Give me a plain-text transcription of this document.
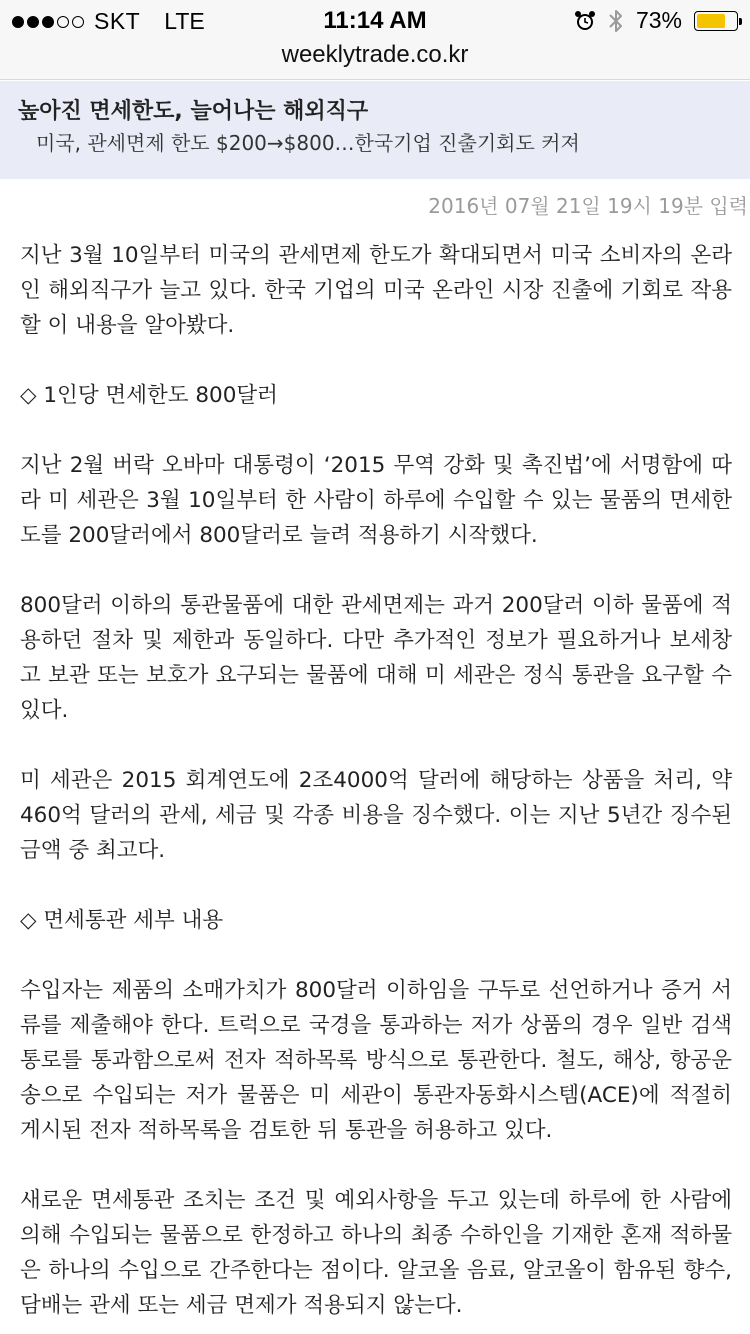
SKT LTE	11:14 AM	73%
weeklytrade.co.kr
높아진 면세한도, 늘어나는 해외직구
미국, 관세면제 한도 $200→$800…한국기업 진출기회도 커져
2016년 07월 21일 19시 19분 입력

지난 3월 10일부터 미국의 관세면제 한도가 확대되면서 미국 소비자의 온라인 해외직구가 늘고 있다. 한국 기업의 미국 온라인 시장 진출에 기회로 작용할 이 내용을 알아봤다.

◇ 1인당 면세한도 800달러

지난 2월 버락 오바마 대통령이 ‘2015 무역 강화 및 촉진법’에 서명함에 따라 미 세관은 3월 10일부터 한 사람이 하루에 수입할 수 있는 물품의 면세한도를 200달러에서 800달러로 늘려 적용하기 시작했다.

800달러 이하의 통관물품에 대한 관세면제는 과거 200달러 이하 물품에 적용하던 절차 및 제한과 동일하다. 다만 추가적인 정보가 필요하거나 보세창고 보관 또는 보호가 요구되는 물품에 대해 미 세관은 정식 통관을 요구할 수 있다.

미 세관은 2015 회계연도에 2조4000억 달러에 해당하는 상품을 처리, 약 460억 달러의 관세, 세금 및 각종 비용을 징수했다. 이는 지난 5년간 징수된 금액 중 최고다.

◇ 면세통관 세부 내용

수입자는 제품의 소매가치가 800달러 이하임을 구두로 선언하거나 증거 서류를 제출해야 한다. 트럭으로 국경을 통과하는 저가 상품의 경우 일반 검색통로를 통과함으로써 전자 적하목록 방식으로 통관한다. 철도, 해상, 항공운송으로 수입되는 저가 물품은 미 세관이 통관자동화시스템(ACE)에 적절히 게시된 전자 적하목록을 검토한 뒤 통관을 허용하고 있다.

새로운 면세통관 조치는 조건 및 예외사항을 두고 있는데 하루에 한 사람에 의해 수입되는 물품으로 한정하고 하나의 최종 수하인을 기재한 혼재 적하물은 하나의 수입으로 간주한다는 점이다. 알코올 음료, 알코올이 함유된 향수, 담배는 관세 또는 세금 면제가 적용되지 않는다.
